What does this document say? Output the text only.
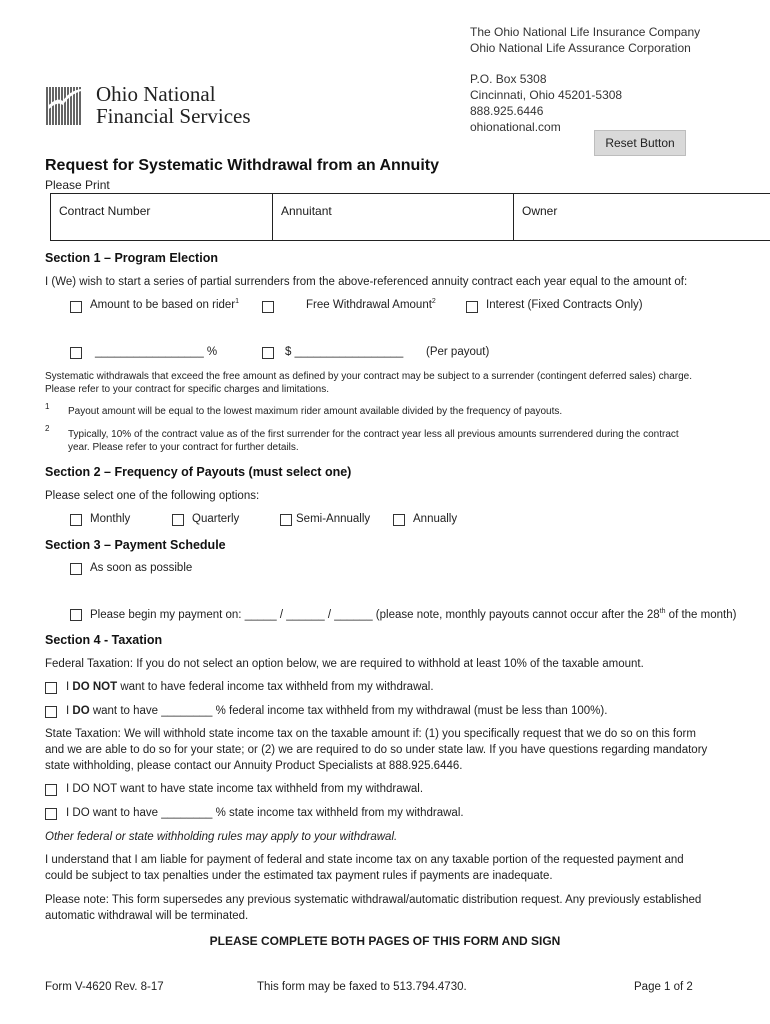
The Ohio National Life Insurance Company
Ohio National Life Assurance Corporation
P.O. Box 5308
Cincinnati, Ohio 45201-5308
888.925.6446
ohionational.com
Ohio National
Financial Services
Reset Button
Request for Systematic Withdrawal from an Annuity
Please Print
Contract Number	Annuitant	Owner
Section 1 – Program Election
I (We) wish to start a series of partial surrenders from the above-referenced annuity contract each year equal to the amount of:
Amount to be based on rider$^1$	Free Withdrawal Amount$^2$	Interest (Fixed Contracts Only)
_________________ %	$ _________________ (Per payout)
Systematic withdrawals that exceed the free amount as defined by your contract may be subject to a surrender (contingent deferred sales) charge.
Please refer to your contract for specific charges and limitations.
1 Payout amount will be equal to the lowest maximum rider amount available divided by the frequency of payouts.
2
Typically, 10% of the contract value as of the first surrender for the contract year less all previous amounts surrendered during the contract
year. Please refer to your contract for further details.
Section 2 – Frequency of Payouts (must select one)
Please select one of the following options:
Monthly	Quarterly	Semi-Annually	Annually
Section 3 – Payment Schedule
As soon as possible
Please begin my payment on: _____ / ______ / ______ (please note, monthly payouts cannot occur after the 28th of the month)
Section 4 - Taxation
Federal Taxation: If you do not select an option below, we are required to withhold at least 10% of the taxable amount.
I DO NOT want to have federal income tax withheld from my withdrawal.
I DO want to have ________ % federal income tax withheld from my withdrawal (must be less than 100%).
State Taxation: We will withhold state income tax on the taxable amount if: (1) you specifically request that we do so on this form
and we are able to do so for your state; or (2) we are required to do so under state law. If you have questions regarding mandatory
state withholding, please contact our Annuity Product Specialists at 888.925.6446.
I DO NOT want to have state income tax withheld from my withdrawal.
I DO want to have ________ % state income tax withheld from my withdrawal.
Other federal or state withholding rules may apply to your withdrawal.
I understand that I am liable for payment of federal and state income tax on any taxable portion of the requested payment and
could be subject to tax penalties under the estimated tax payment rules if payments are inadequate.
Please note: This form supersedes any previous systematic withdrawal/automatic distribution request. Any previously established
automatic withdrawal will be terminated.
PLEASE COMPLETE BOTH PAGES OF THIS FORM AND SIGN
Form V-4620 Rev. 8-17	This form may be faxed to 513.794.4730.	Page 1 of 2
